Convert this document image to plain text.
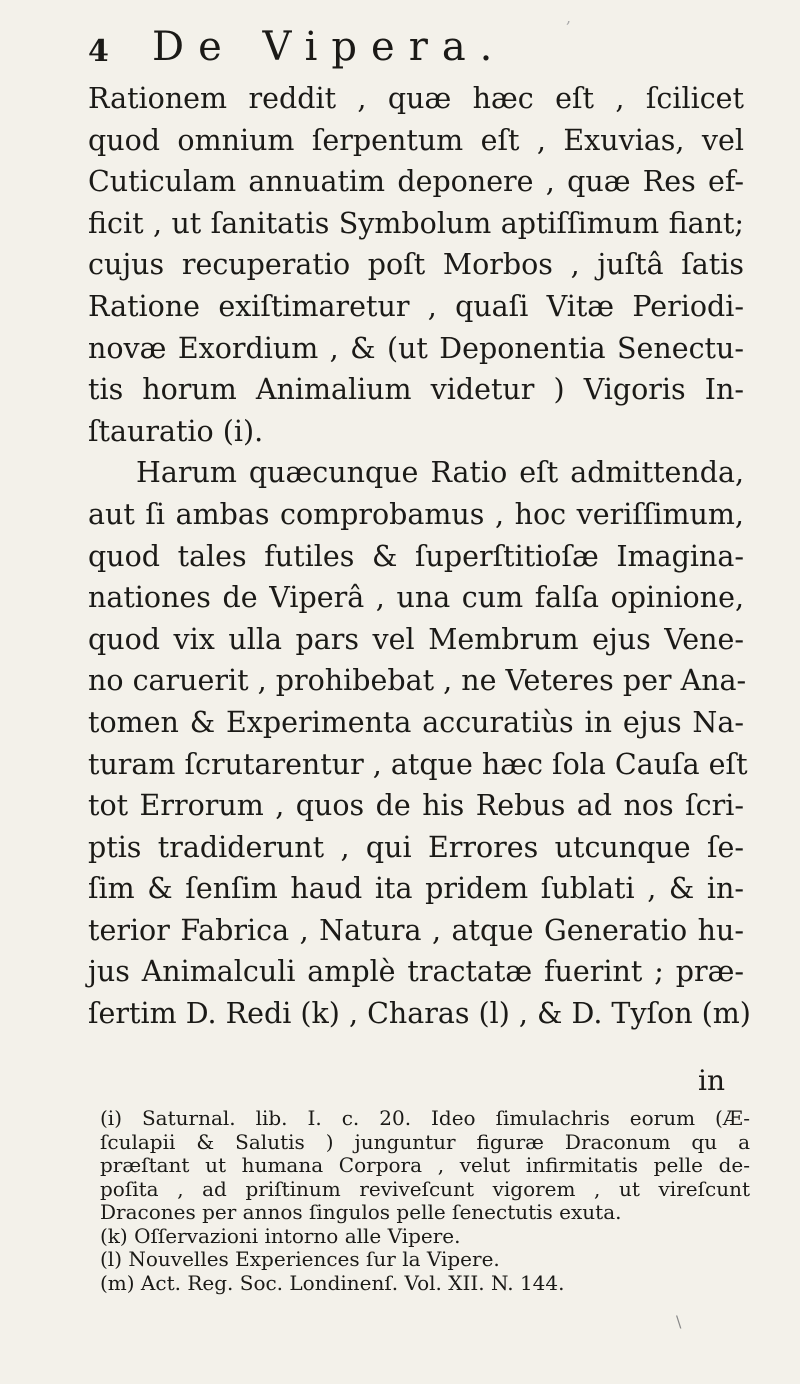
,
4 De Vipera.
Rationem reddit , quæ hæc eſt , ſcilicet
quod omnium ſerpentum eſt , Exuvias, vel
Cuticulam annuatim deponere , quæ Res ef-
ficit , ut ſanitatis Symbolum aptiſſimum fiant;
cujus recuperatio poſt Morbos , juſtâ ſatis
Ratione exiſtimaretur , quaſi Vitæ Periodi-
novæ Exordium , & (ut Deponentia Senectu-
tis horum Animalium videtur ) Vigoris In-
ſtauratio (i).
Harum quæcunque Ratio eſt admittenda,
aut ſi ambas comprobamus , hoc veriſſimum,
quod tales futiles & ſuperſtitioſæ Imagina-
nationes de Viperâ , una cum falſa opinione,
quod vix ulla pars vel Membrum ejus Vene-
no caruerit , prohibebat , ne Veteres per Ana-
tomen & Experimenta accuratiùs in ejus Na-
turam ſcrutarentur , atque hæc ſola Cauſa eſt
tot Errorum , quos de his Rebus ad nos ſcri-
ptis tradiderunt , qui Errores utcunque ſe-
ſim & ſenſim haud ita pridem ſublati , & in-
terior Fabrica , Natura , atque Generatio hu-
jus Animalculi amplè tractatæ fuerint ; præ-
ſertim D. Redi (k) , Charas (l) , & D. Tyſon (m)
in
(i) Saturnal. lib. I. c. 20. Ideo ſimulachris eorum (Æ-
ſculapii & Salutis ) junguntur figuræ Draconum qu a
præſtant ut humana Corpora , velut infirmitatis pelle de-
poſita , ad priſtinum reviveſcunt vigorem , ut vireſcunt
Dracones per annos ſingulos pelle ſenectutis exuta.
(k) Oſſervazioni intorno alle Vipere.
(l) Nouvelles Experiences ſur la Vipere.
(m) Act. Reg. Soc. Londinenſ. Vol. XII. N. 144.
\
